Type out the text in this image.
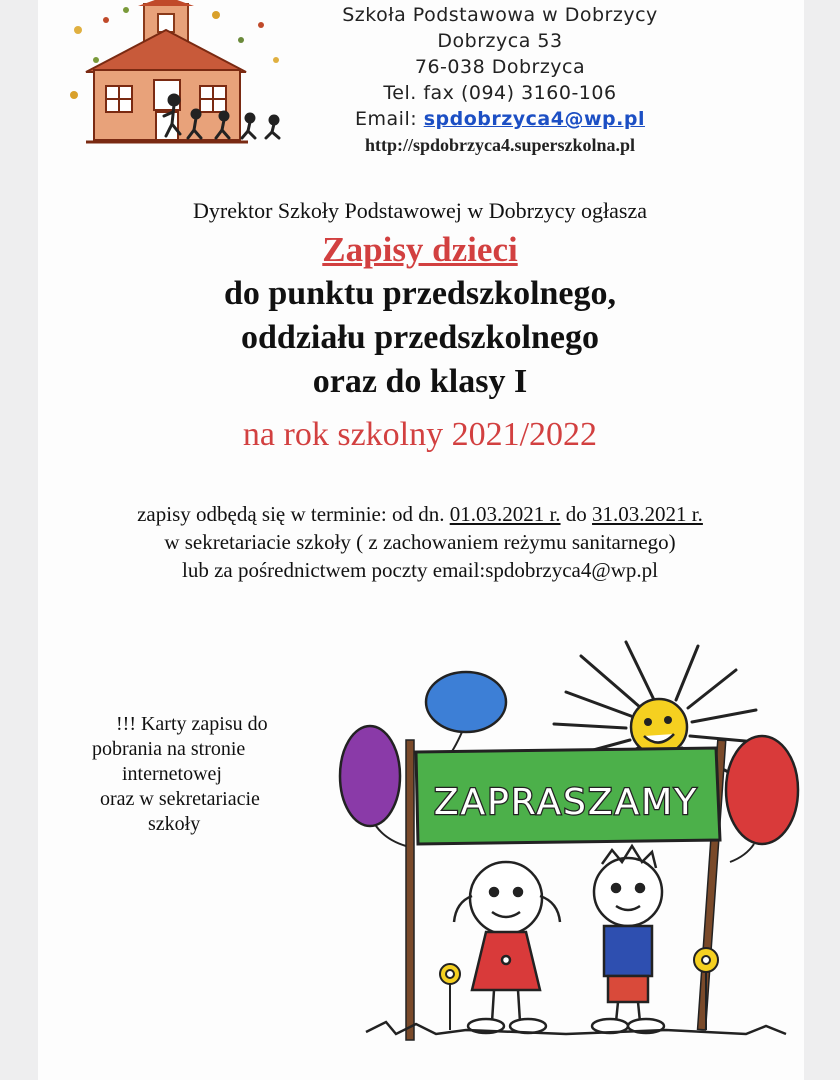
Szkoła Podstawowa w Dobrzycy
Dobrzyca 53
76-038 Dobrzyca
Tel. fax (094) 3160-106
Email: spdobrzyca4@wp.pl
http://spdobrzyca4.superszkolna.pl
Dyrektor Szkoły Podstawowej w Dobrzycy ogłasza
Zapisy dzieci
do punktu przedszkolnego,
oddziału przedszkolnego
oraz do klasy I
na rok szkolny 2021/2022
zapisy odbędą się w terminie: od dn. 01.03.2021 r. do 31.03.2021 r.
w sekretariacie szkoły ( z zachowaniem reżymu sanitarnego)
lub za pośrednictwem poczty email:spdobrzyca4@wp.pl
!!! Karty zapisu do
pobrania na stronie
internetowej
oraz w sekretariacie
szkoły
ZAPRASZAMY
